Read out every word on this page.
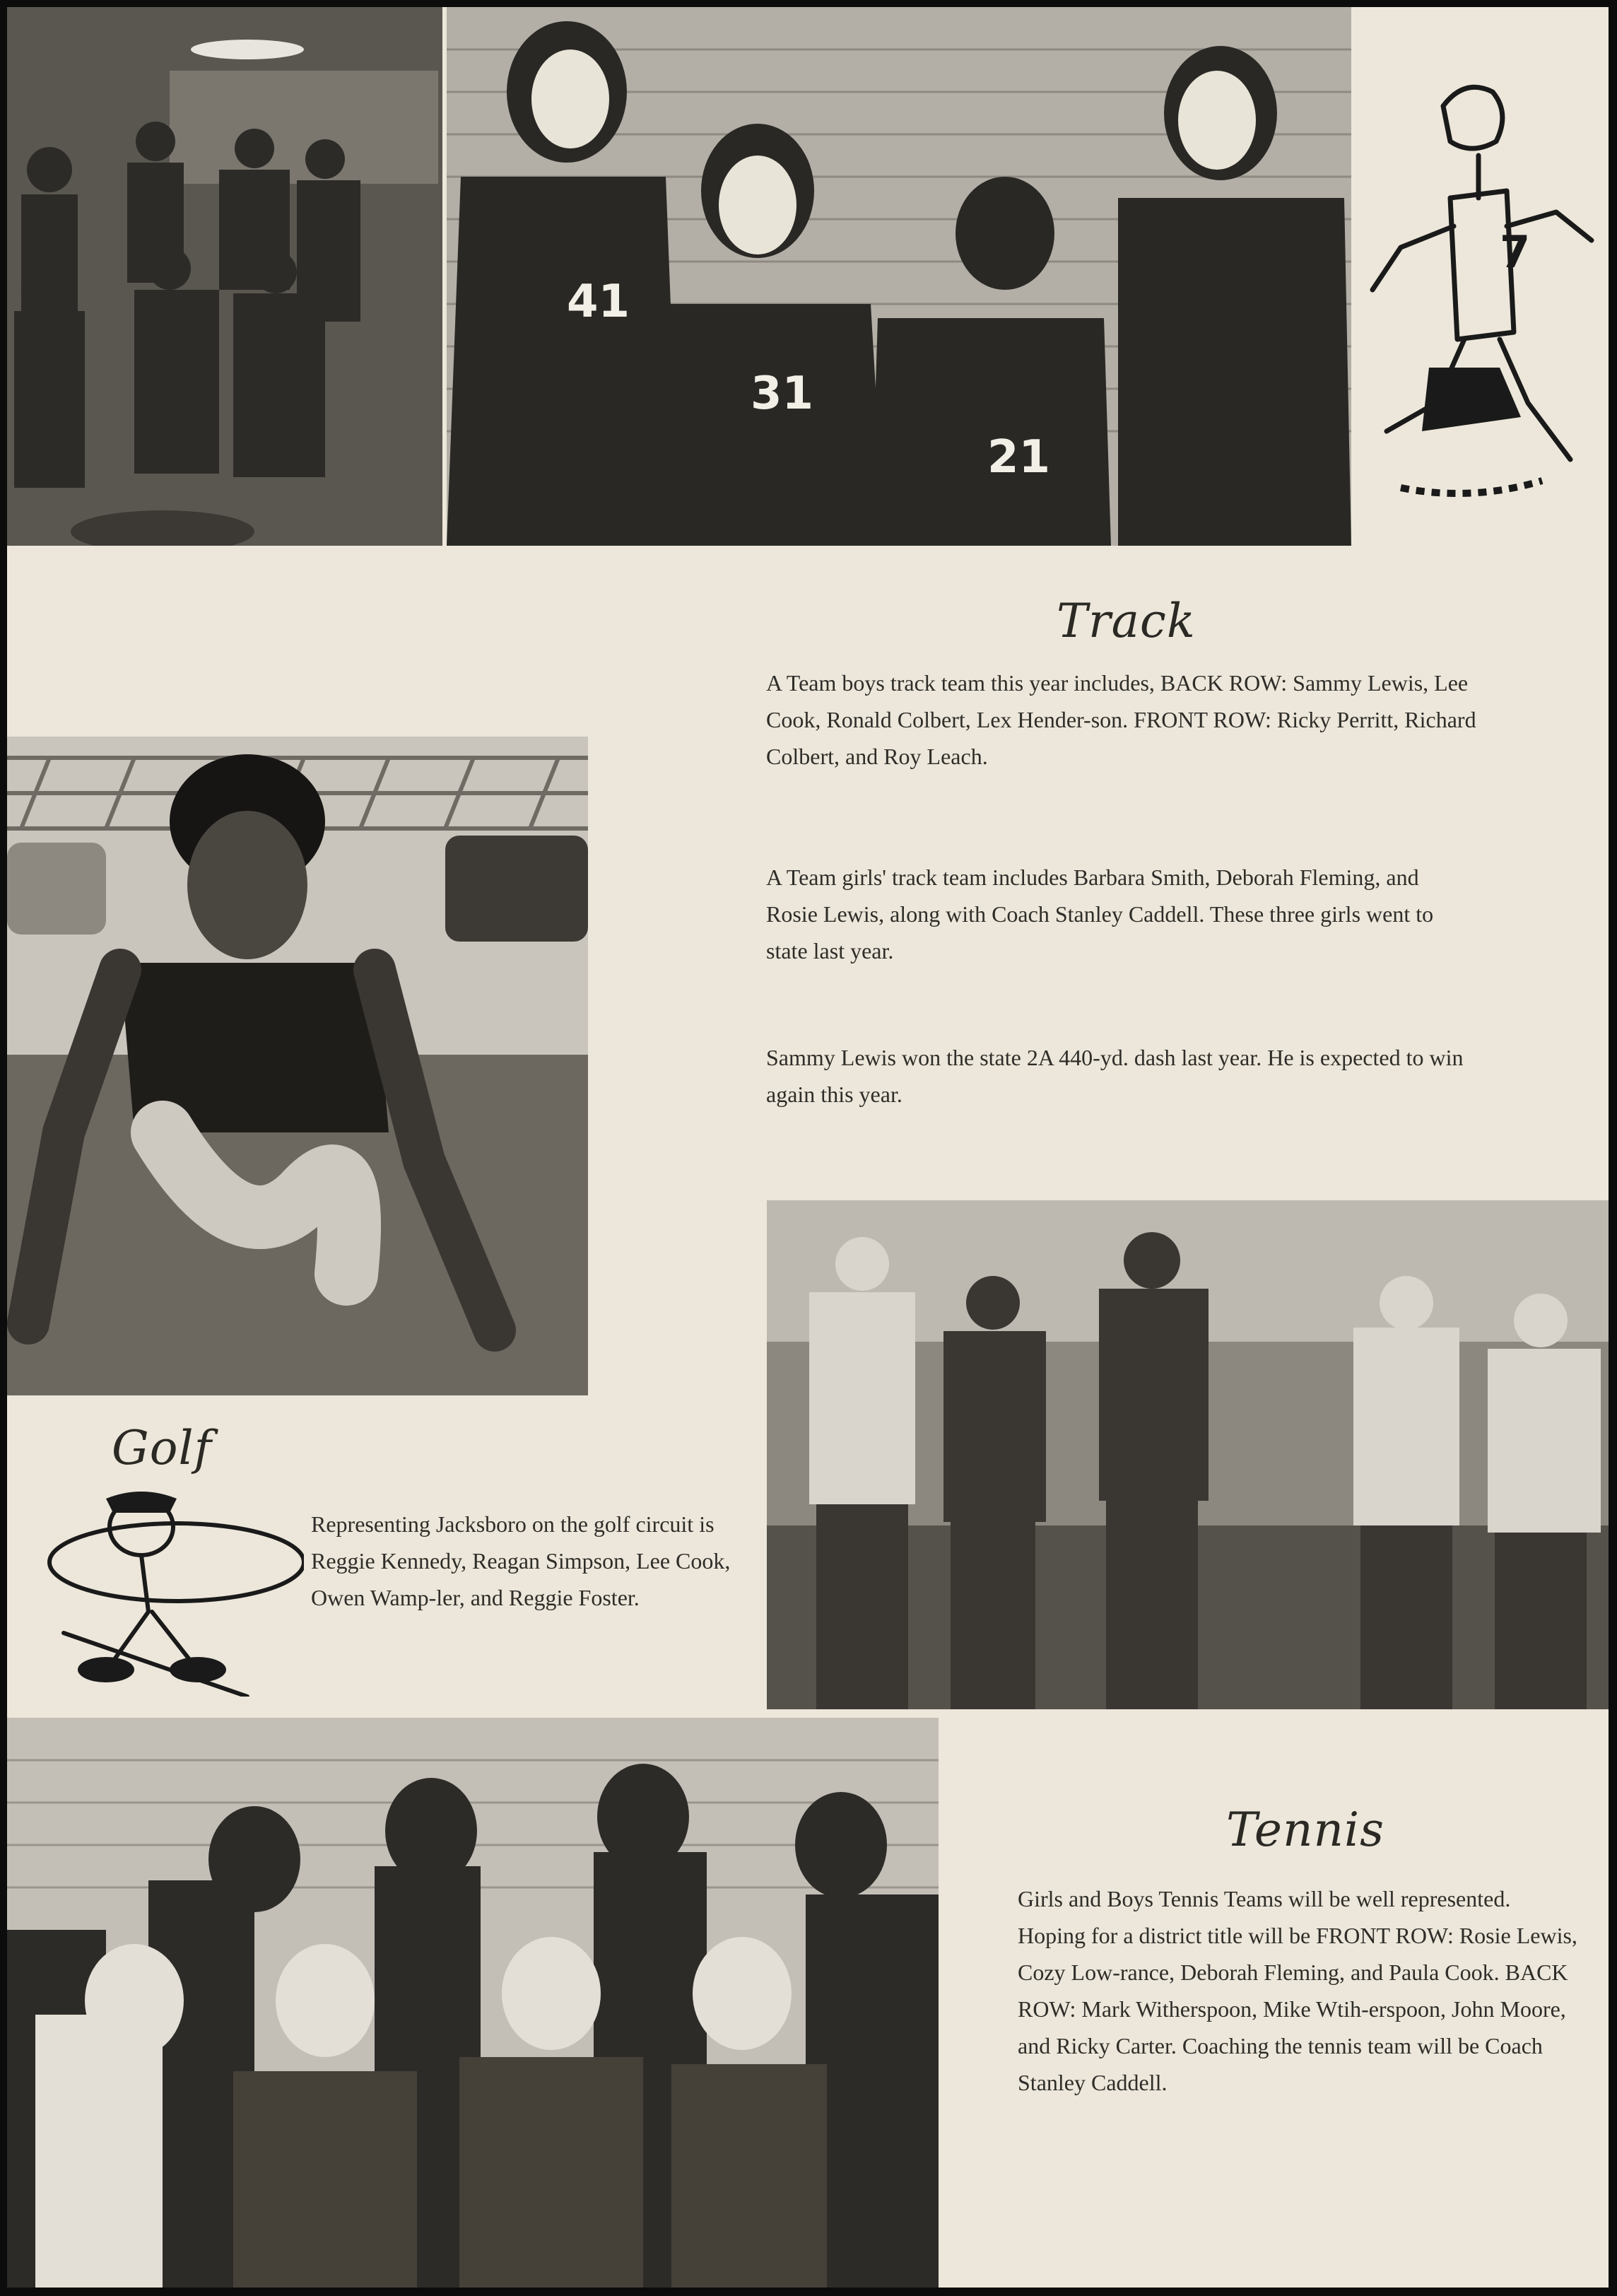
41
31
21
7
Track

A Team boys track team this year includes, BACK ROW: Sammy Lewis, Lee Cook, Ronald Colbert, Lex Hender-son. FRONT ROW: Ricky Perritt, Richard Colbert, and Roy Leach.

A Team girls' track team includes Barbara Smith, Deborah Fleming, and Rosie Lewis, along with Coach Stanley Caddell. These three girls went to state last year.

Sammy Lewis won the state 2A 440-yd. dash last year. He is expected to win again this year.

Golf

Representing Jacksboro on the golf circuit is Reggie Kennedy, Reagan Simpson, Lee Cook, Owen Wamp-ler, and Reggie Foster.

Tennis

Girls and Boys Tennis Teams will be well represented. Hoping for a district title will be FRONT ROW: Rosie Lewis, Cozy Low-rance, Deborah Fleming, and Paula Cook. BACK ROW: Mark Witherspoon, Mike Wtih-erspoon, John Moore, and Ricky Carter. Coaching the tennis team will be Coach Stanley Caddell.
